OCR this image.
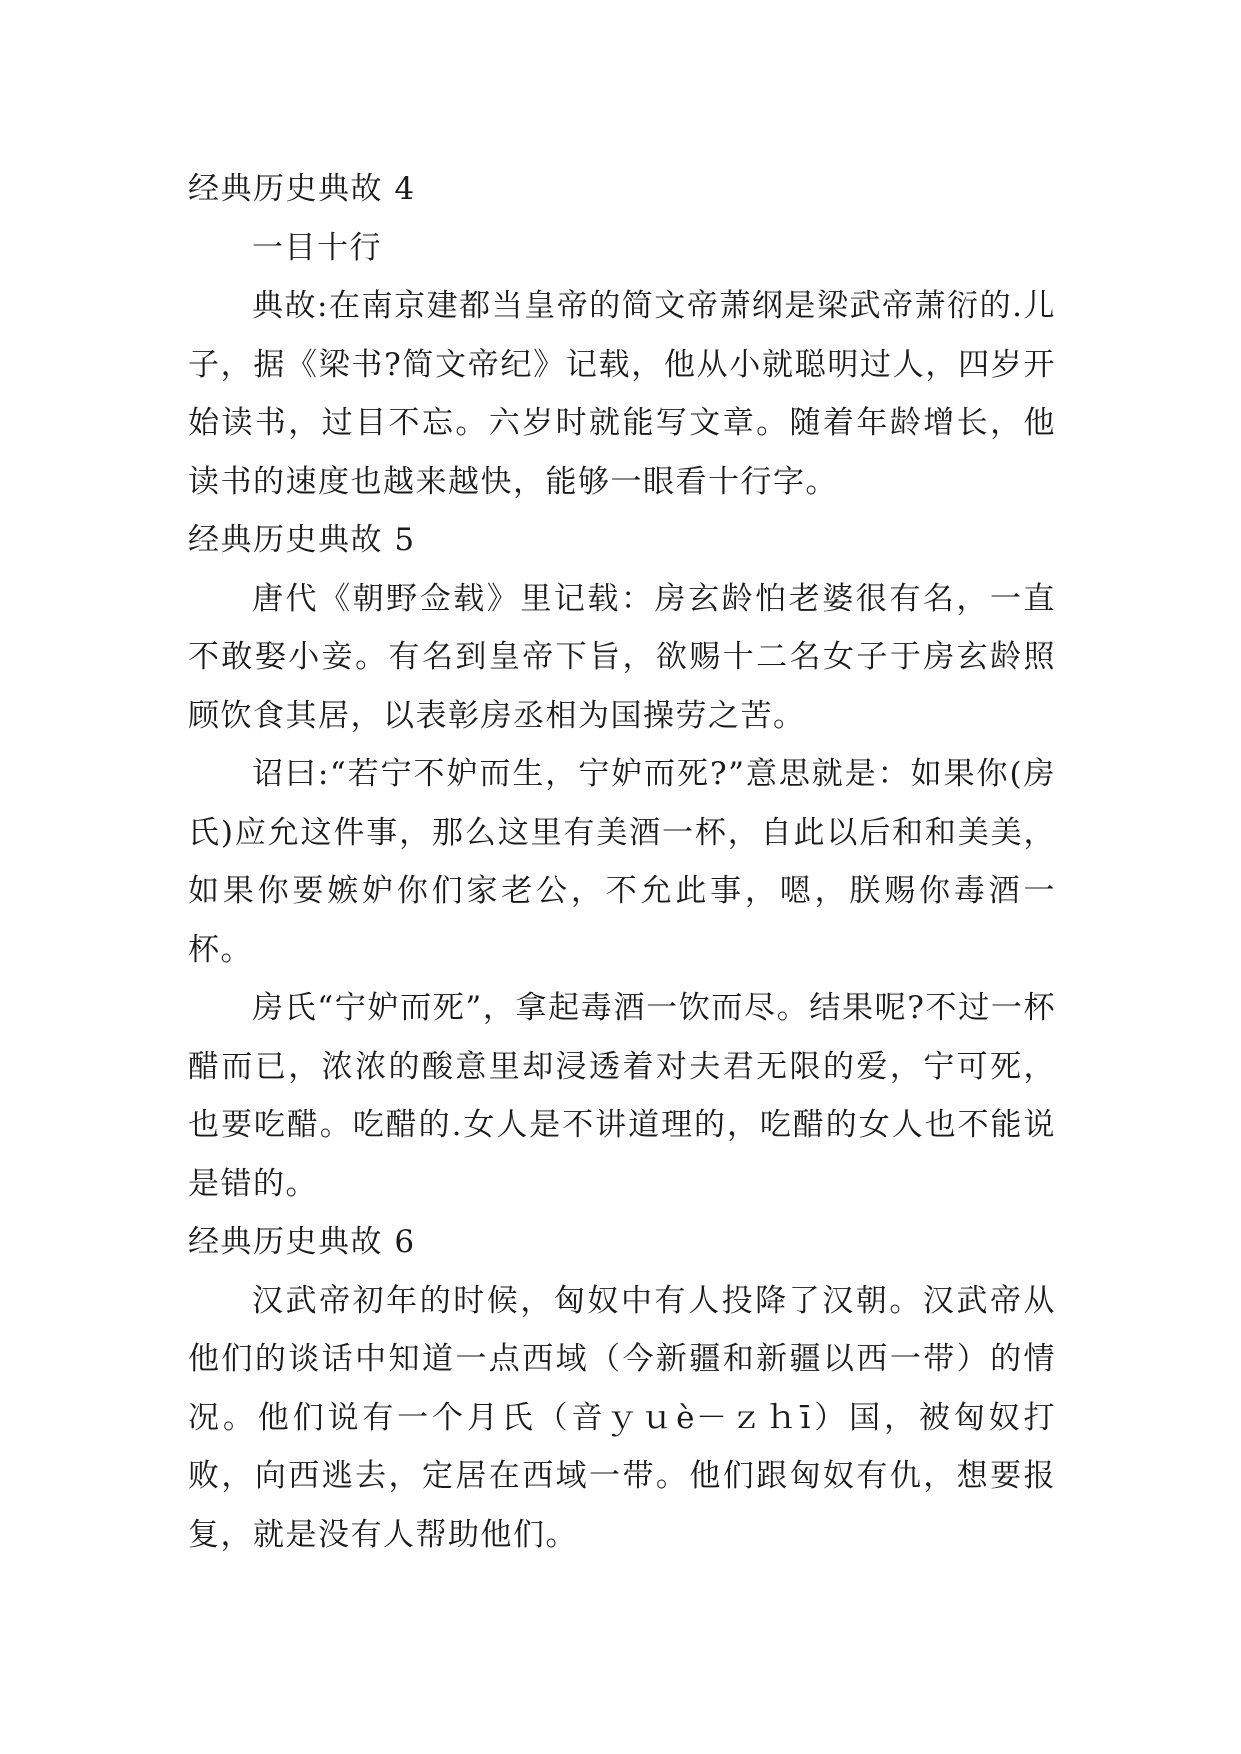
经典历史典故 4

一目十行

典故:在南京建都当皇帝的简文帝萧纲是梁武帝萧衍的.儿子，据《梁书?简文帝纪》记载，他从小就聪明过人，四岁开始读书，过目不忘。六岁时就能写文章。随着年龄增长，他读书的速度也越来越快，能够一眼看十行字。

经典历史典故 5

唐代《朝野佥载》里记载：房玄龄怕老婆很有名，一直不敢娶小妾。有名到皇帝下旨，欲赐十二名女子于房玄龄照顾饮食其居，以表彰房丞相为国操劳之苦。

诏曰:“若宁不妒而生，宁妒而死?”意思就是：如果你(房氏)应允这件事，那么这里有美酒一杯，自此以后和和美美，如果你要嫉妒你们家老公，不允此事，嗯，朕赐你毒酒一杯。

房氏“宁妒而死”，拿起毒酒一饮而尽。结果呢?不过一杯醋而已，浓浓的酸意里却浸透着对夫君无限的爱，宁可死，也要吃醋。吃醋的.女人是不讲道理的，吃醋的女人也不能说是错的。

经典历史典故 6

汉武帝初年的时候，匈奴中有人投降了汉朝。汉武帝从他们的谈话中知道一点西域（今新疆和新疆以西一带）的情况。他们说有一个月氏（音ｙｕè－ｚｈī）国，被匈奴打败，向西逃去，定居在西域一带。他们跟匈奴有仇，想要报复，就是没有人帮助他们。
